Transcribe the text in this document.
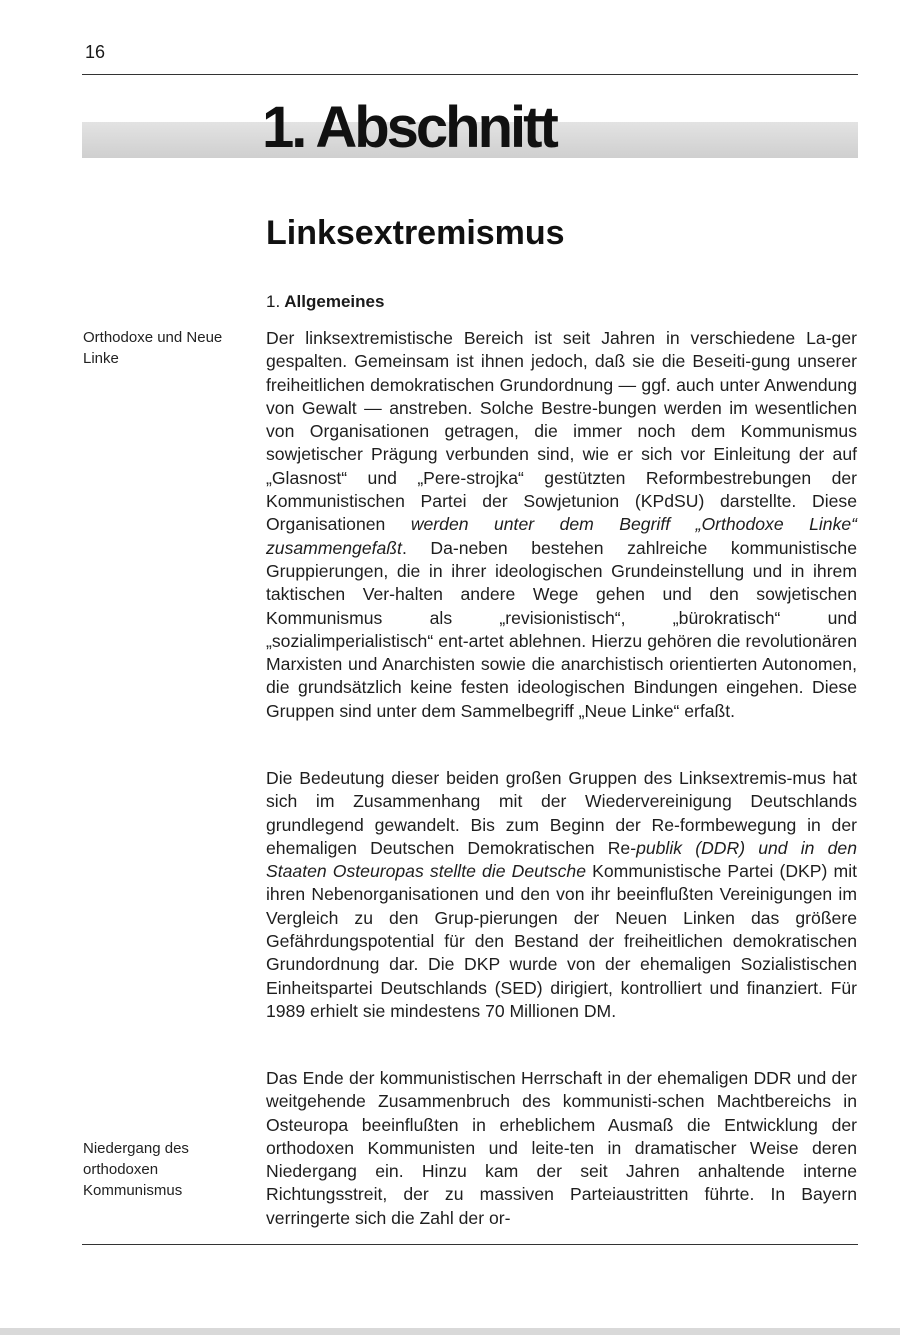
16
1. Abschnitt
Linksextremismus
1. Allgemeines

Orthodoxe und Neue Linke

Niedergang des orthodoxen Kommunismus

Der linksextremistische Bereich ist seit Jahren in verschiedene La-ger gespalten. Gemeinsam ist ihnen jedoch, daß sie die Beseiti-gung unserer freiheitlichen demokratischen Grundordnung — ggf. auch unter Anwendung von Gewalt — anstreben. Solche Bestre-bungen werden im wesentlichen von Organisationen getragen, die immer noch dem Kommunismus sowjetischer Prägung verbunden sind, wie er sich vor Einleitung der auf „Glasnost“ und „Pere-strojka“ gestützten Reformbestrebungen der Kommunistischen Partei der Sowjetunion (KPdSU) darstellte. Diese Organisationen werden unter dem Begriff „Orthodoxe Linke“ zusammengefaßt. Da-neben bestehen zahlreiche kommunistische Gruppierungen, die in ihrer ideologischen Grundeinstellung und in ihrem taktischen Ver-halten andere Wege gehen und den sowjetischen Kommunismus als „revisionistisch“, „bürokratisch“ und „sozialimperialistisch“ ent-artet ablehnen. Hierzu gehören die revolutionären Marxisten und Anarchisten sowie die anarchistisch orientierten Autonomen, die grundsätzlich keine festen ideologischen Bindungen eingehen. Diese Gruppen sind unter dem Sammelbegriff „Neue Linke“ erfaßt.

Die Bedeutung dieser beiden großen Gruppen des Linksextremis-mus hat sich im Zusammenhang mit der Wiedervereinigung Deutschlands grundlegend gewandelt. Bis zum Beginn der Re-formbewegung in der ehemaligen Deutschen Demokratischen Re-publik (DDR) und in den Staaten Osteuropas stellte die Deutsche Kommunistische Partei (DKP) mit ihren Nebenorganisationen und den von ihr beeinflußten Vereinigungen im Vergleich zu den Grup-pierungen der Neuen Linken das größere Gefährdungspotential für den Bestand der freiheitlichen demokratischen Grundordnung dar. Die DKP wurde von der ehemaligen Sozialistischen Einheitspartei Deutschlands (SED) dirigiert, kontrolliert und finanziert. Für 1989 erhielt sie mindestens 70 Millionen DM.

Das Ende der kommunistischen Herrschaft in der ehemaligen DDR und der weitgehende Zusammenbruch des kommunisti-schen Machtbereichs in Osteuropa beeinflußten in erheblichem Ausmaß die Entwicklung der orthodoxen Kommunisten und leite-ten in dramatischer Weise deren Niedergang ein. Hinzu kam der seit Jahren anhaltende interne Richtungsstreit, der zu massiven Parteiaustritten führte. In Bayern verringerte sich die Zahl der or-
